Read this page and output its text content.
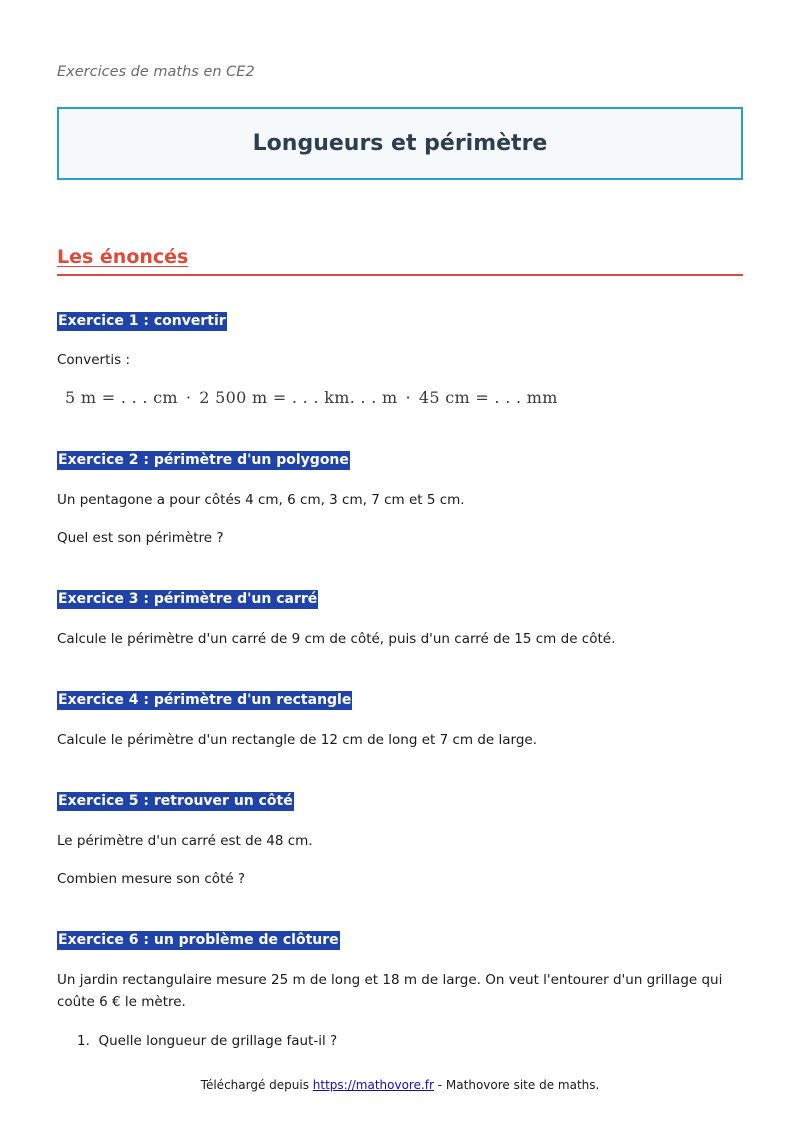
Exercices de maths en CE2
Longueurs et périmètre
Les énoncés
Exercice 1 : convertir
Convertis :
5 m = . . . cm · 2 500 m = . . . km. . . m · 45 cm = . . . mm
Exercice 2 : périmètre d'un polygone
Un pentagone a pour côtés 4 cm, 6 cm, 3 cm, 7 cm et 5 cm.
Quel est son périmètre ?
Exercice 3 : périmètre d'un carré
Calcule le périmètre d'un carré de 9 cm de côté, puis d'un carré de 15 cm de côté.
Exercice 4 : périmètre d'un rectangle
Calcule le périmètre d'un rectangle de 12 cm de long et 7 cm de large.
Exercice 5 : retrouver un côté
Le périmètre d'un carré est de 48 cm.
Combien mesure son côté ?
Exercice 6 : un problème de clôture
Un jardin rectangulaire mesure 25 m de long et 18 m de large. On veut l'entourer d'un grillage qui coûte 6 € le mètre.
1. Quelle longueur de grillage faut-il ?
Téléchargé depuis https://mathovore.fr - Mathovore site de maths.
